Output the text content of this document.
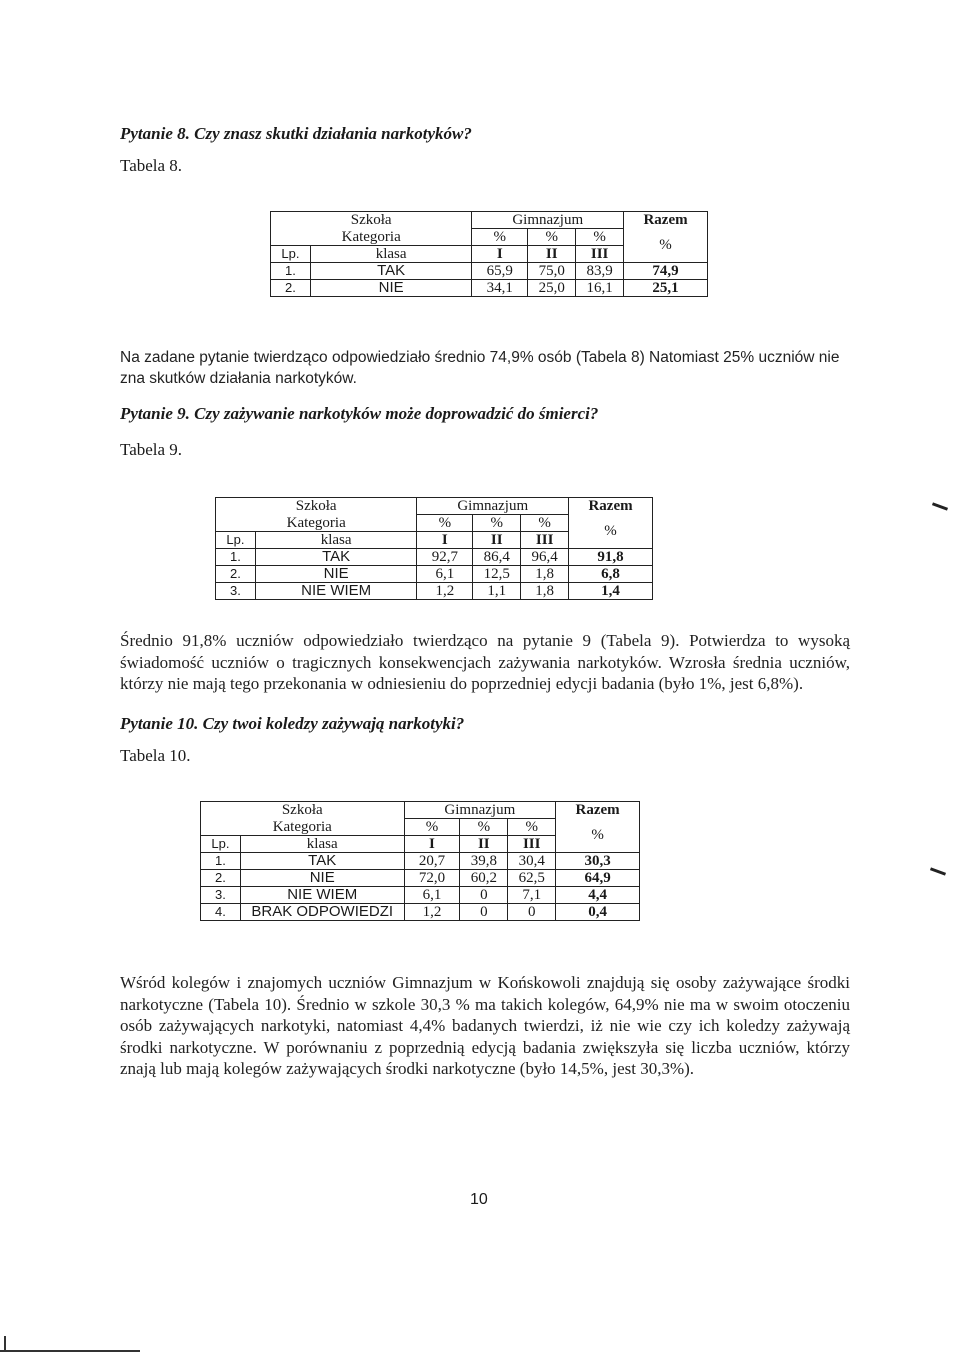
Pytanie 8. Czy znasz skutki działania narkotyków?
Tabela 8.
Szkoła		Gimnazjum			Razem
Kategoria		%	%	%	%
Lp.	klasa	I	II	III	
1.	TAK	65,9	75,0	83,9	74,9
2.	NIE	34,1	25,0	16,1	25,1
Na zadane pytanie twierdząco odpowiedziało średnio 74,9% osób (Tabela 8) Natomiast 25% uczniów nie zna skutków działania narkotyków.
Pytanie 9. Czy zażywanie narkotyków może doprowadzić do śmierci?
Tabela 9.
Szkoła		Gimnazjum			Razem
Kategoria		%	%	%	%
Lp.	klasa	I	II	III	
1.	TAK	92,7	86,4	96,4	91,8
2.	NIE	6,1	12,5	1,8	6,8
3.	NIE WIEM	1,2	1,1	1,8	1,4
Średnio 91,8% uczniów odpowiedziało twierdząco na pytanie 9 (Tabela 9). Potwierdza to wysoką świadomość uczniów o tragicznych konsekwencjach zażywania narkotyków. Wzrosła średnia uczniów, którzy nie mają tego przekonania w odniesieniu do poprzedniej edycji badania (było 1%, jest 6,8%).
Pytanie 10. Czy twoi koledzy zażywają narkotyki?
Tabela 10.
Szkoła		Gimnazjum			Razem
Kategoria		%	%	%	%
Lp.	klasa	I	II	III	
1.	TAK	20,7	39,8	30,4	30,3
2.	NIE	72,0	60,2	62,5	64,9
3.	NIE WIEM	6,1	0	7,1	4,4
4.	BRAK ODPOWIEDZI	1,2	0	0	0,4
Wśród kolegów i znajomych uczniów Gimnazjum w Końskowoli znajdują się osoby zażywające środki narkotyczne (Tabela 10). Średnio w szkole 30,3 % ma takich kolegów, 64,9% nie ma w swoim otoczeniu osób zażywających narkotyki, natomiast 4,4% badanych twierdzi, iż nie wie czy ich koledzy zażywają środki narkotyczne. W porównaniu z poprzednią edycją badania zwiększyła się liczba uczniów, którzy znają lub mają kolegów zażywających środki narkotyczne (było 14,5%, jest 30,3%).
10
